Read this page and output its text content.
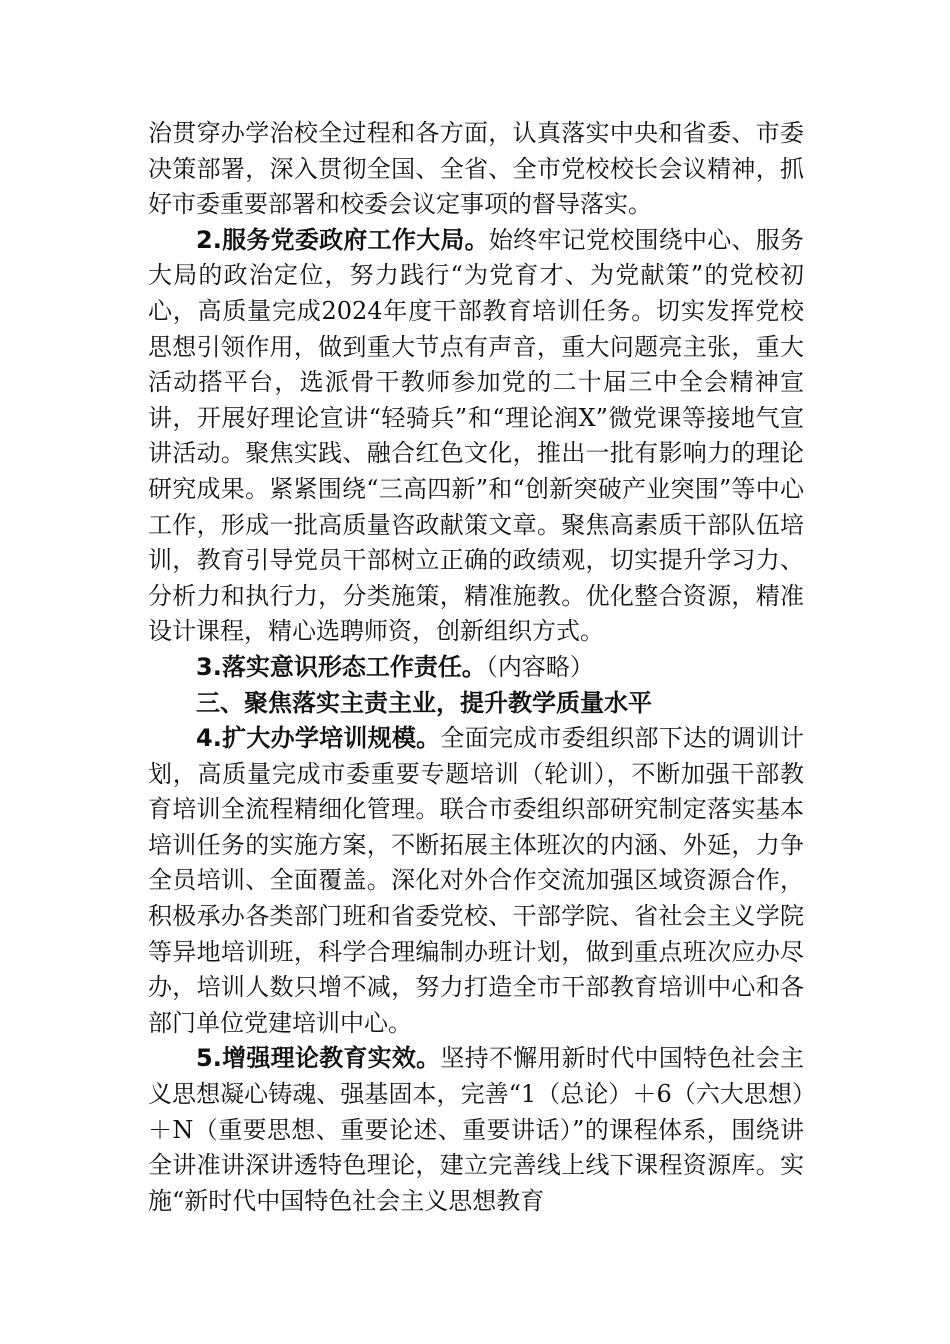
治贯穿办学治校全过程和各方面，认真落实中央和省委、市委决策部署，深入贯彻全国、全省、全市党校校长会议精神，抓好市委重要部署和校委会议定事项的督导落实。

2.服务党委政府工作大局。始终牢记党校围绕中心、服务大局的政治定位，努力践行“为党育才、为党献策”的党校初心，高质量完成2024年度干部教育培训任务。切实发挥党校思想引领作用，做到重大节点有声音，重大问题亮主张，重大活动搭平台，选派骨干教师参加党的二十届三中全会精神宣讲，开展好理论宣讲“轻骑兵”和“理论润X”微党课等接地气宣讲活动。聚焦实践、融合红色文化，推出一批有影响力的理论研究成果。紧紧围绕“三高四新”和“创新突破产业突围”等中心工作，形成一批高质量咨政献策文章。聚焦高素质干部队伍培训，教育引导党员干部树立正确的政绩观，切实提升学习力、分析力和执行力，分类施策，精准施教。优化整合资源，精准设计课程，精心选聘师资，创新组织方式。

3.落实意识形态工作责任。（内容略）

三、聚焦落实主责主业，提升教学质量水平

4.扩大办学培训规模。全面完成市委组织部下达的调训计划，高质量完成市委重要专题培训（轮训），不断加强干部教育培训全流程精细化管理。联合市委组织部研究制定落实基本培训任务的实施方案，不断拓展主体班次的内涵、外延，力争全员培训、全面覆盖。深化对外合作交流加强区域资源合作，积极承办各类部门班和省委党校、干部学院、省社会主义学院等异地培训班，科学合理编制办班计划，做到重点班次应办尽办，培训人数只增不减，努力打造全市干部教育培训中心和各部门单位党建培训中心。

5.增强理论教育实效。坚持不懈用新时代中国特色社会主义思想凝心铸魂、强基固本，完善“1（总论）＋6（六大思想）＋N（重要思想、重要论述、重要讲话）”的课程体系，围绕讲全讲准讲深讲透特色理论，建立完善线上线下课程资源库。实施“新时代中国特色社会主义思想教育
